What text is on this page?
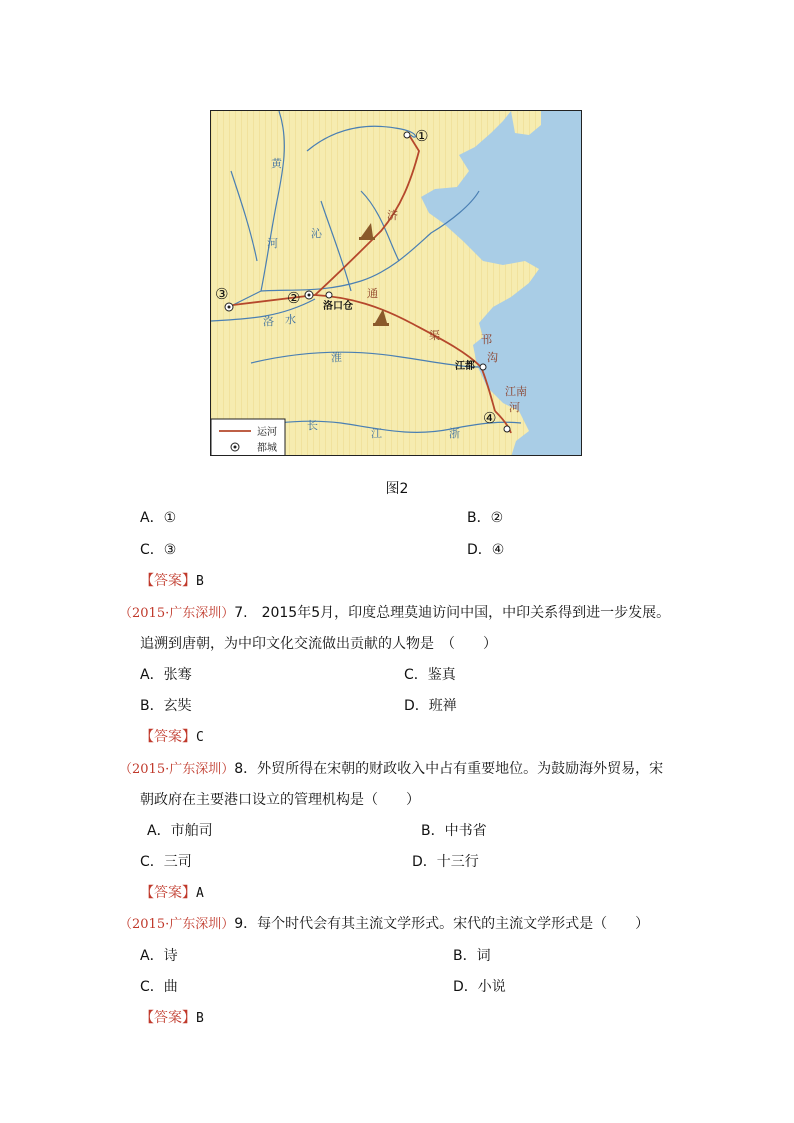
①
②
③
④
洛口仓
江都
黄
河
沁
洛 水
淮
长
江	浙
济
通
渠	邗
沟
江南
河
运河
都城
图2
A．①	B．②
C．③	D．④
【答案】B
（2015·广东深圳）7.　2015年5月，印度总理莫迪访问中国，中印关系得到进一步发展。
追溯到唐朝，为中印文化交流做出贡献的人物是　（　　）
A．张骞	C．鉴真
B．玄奘	D．班禅
【答案】C
（2015·广东深圳）8．外贸所得在宋朝的财政收入中占有重要地位。为鼓励海外贸易，宋
朝政府在主要港口设立的管理机构是（　　）
A．市舶司	B．中书省
C．三司	D．十三行
【答案】A
（2015·广东深圳）9．每个时代会有其主流文学形式。宋代的主流文学形式是（　　）
A．诗	B．词
C．曲	D．小说
【答案】B
